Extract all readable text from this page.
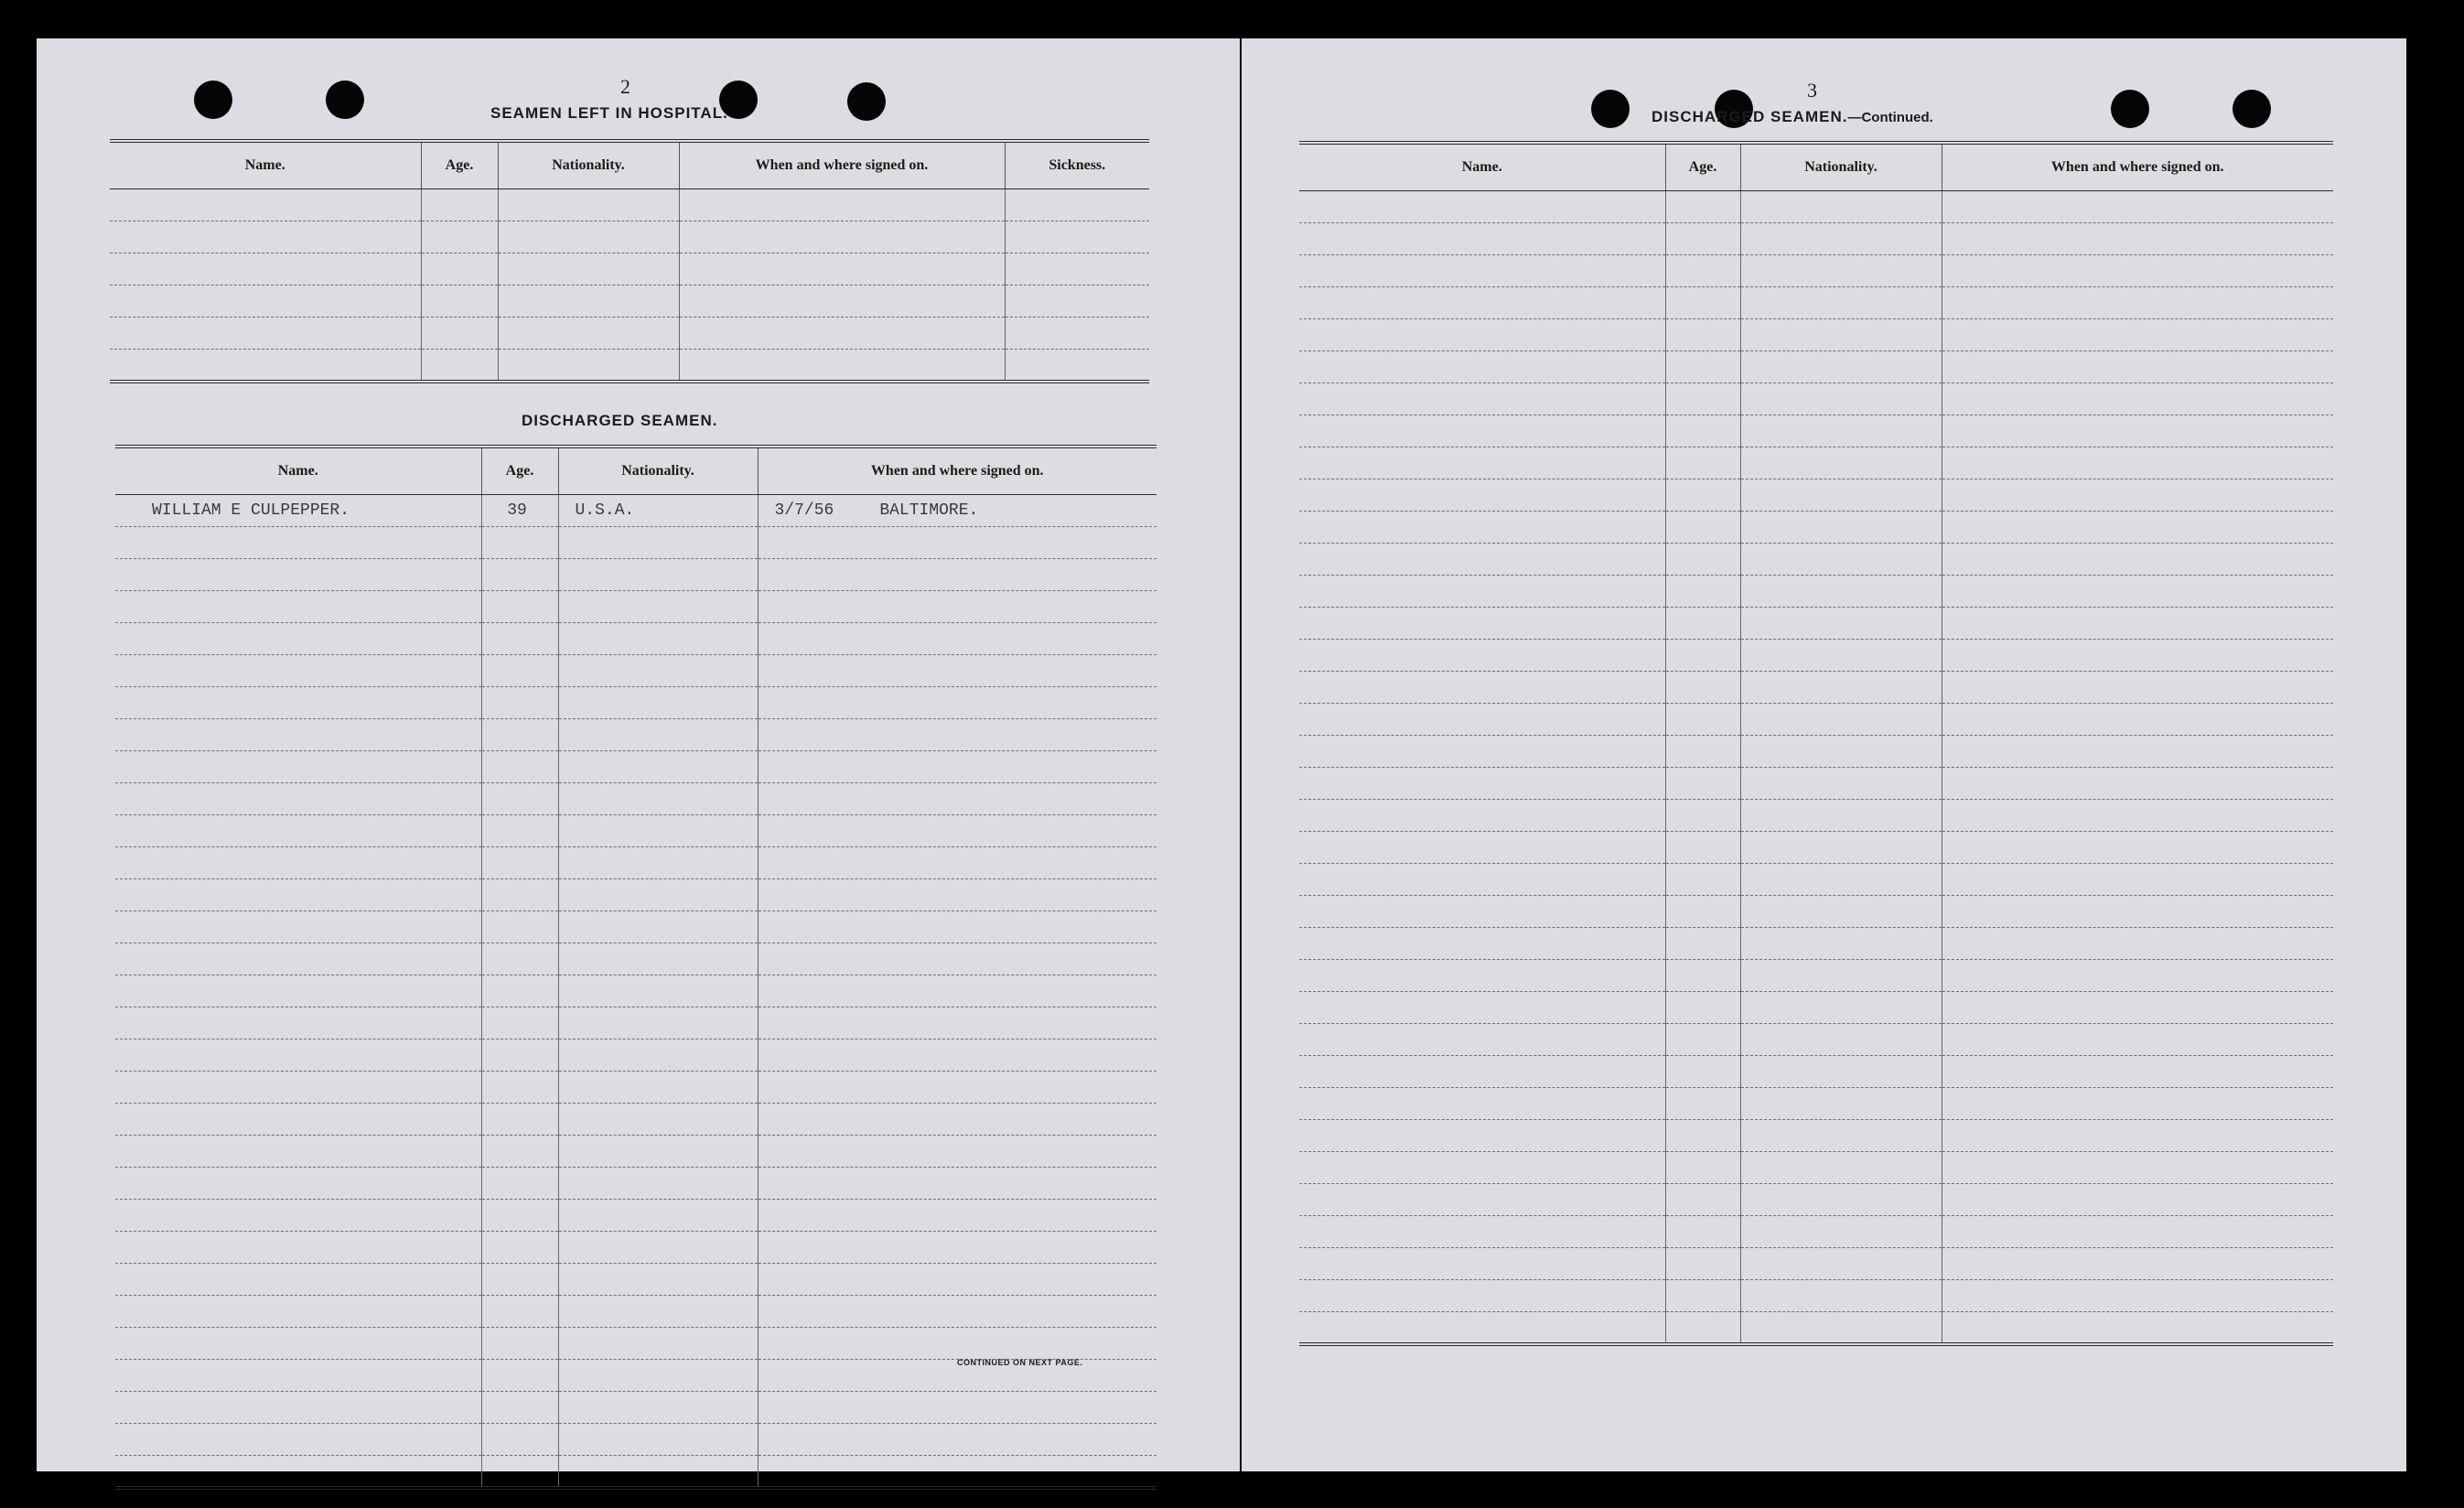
2
SEAMEN LEFT IN HOSPITAL.
Name.	Age.	Nationality.	When and where signed on.	Sickness.

DISCHARGED SEAMEN.
Name.	Age.	Nationality.	When and where signed on.
WILLIAM E CULPEPPER.	39	U.S.A.	3/7/56 BALTIMORE.

CONTINUED ON NEXT PAGE.
3
DISCHARGED SEAMEN.—Continued.
Name.	Age.	Nationality.	When and where signed on.
